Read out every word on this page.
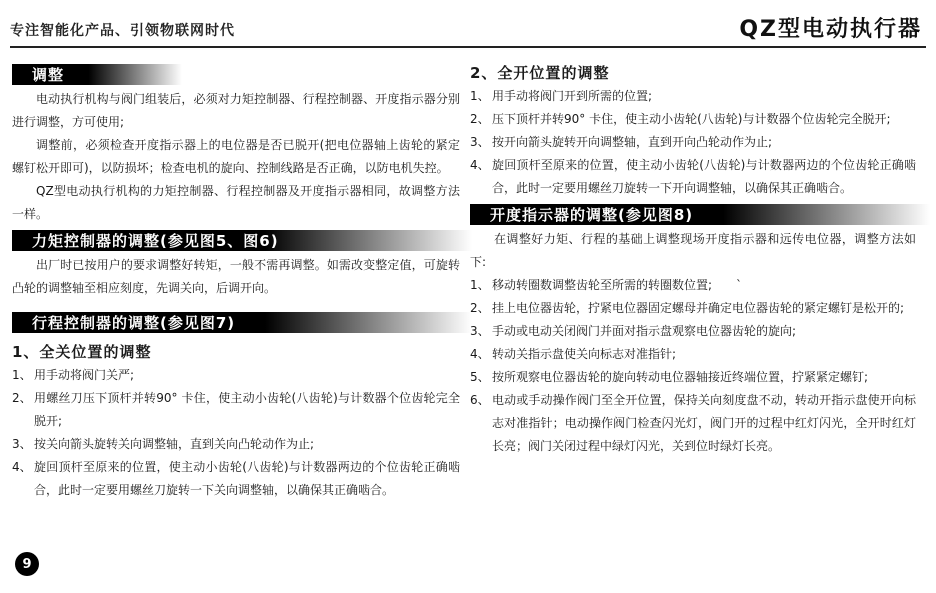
专注智能化产品、引领物联网时代	QZ型电动执行器
调整

电动执行机构与阀门组装后，必须对力矩控制器、行程控制器、开度指示器分别进行调整，方可使用;

调整前，必须检查开度指示器上的电位器是否已脱开(把电位器轴上齿轮的紧定螺钉松开即可)，以防损坏；检查电机的旋向、控制线路是否正确，以防电机失控。

QZ型电动执行机构的力矩控制器、行程控制器及开度指示器相同，故调整方法一样。

力矩控制器的调整(参见图5、图6)

出厂时已按用户的要求调整好转矩，一般不需再调整。如需改变整定值，可旋转凸轮的调整轴至相应刻度，先调关向，后调开向。

行程控制器的调整(参见图7)
1、全关位置的调整
1、 用手动将阀门关严;
2、 用螺丝刀压下顶杆并转90° 卡住，使主动小齿轮(八齿轮)与计数器个位齿轮完全脱开;
3、 按关向箭头旋转关向调整轴，直到关向凸轮动作为止;
4、 旋回顶杆至原来的位置，使主动小齿轮(八齿轮)与计数器两边的个位齿轮正确啮合，此时一定要用螺丝刀旋转一下关向调整轴，以确保其正确啮合。
2、全开位置的调整
1、 用手动将阀门开到所需的位置;
2、 压下顶杆并转90° 卡住，使主动小齿轮(八齿轮)与计数器个位齿轮完全脱开;
3、 按开向箭头旋转开向调整轴，直到开向凸轮动作为止;
4、 旋回顶杆至原来的位置，使主动小齿轮(八齿轮)与计数器两边的个位齿轮正确啮合，此时一定要用螺丝刀旋转一下开向调整轴，以确保其正确啮合。
开度指示器的调整(参见图8)

在调整好力矩、行程的基础上调整现场开度指示器和远传电位器，调整方法如下:

1、 移动转圈数调整齿轮至所需的转圈数位置;　　`
2、 挂上电位器齿轮，拧紧电位器固定螺母并确定电位器齿轮的紧定螺钉是松开的;
3、 手动或电动关闭阀门并面对指示盘观察电位器齿轮的旋向;
4、 转动关指示盘使关向标志对准指针;
5、 按所观察电位器齿轮的旋向转动电位器轴接近终端位置，拧紧紧定螺钉;
6、 电动或手动操作阀门至全开位置，保持关向刻度盘不动，转动开指示盘使开向标志对准指针；电动操作阀门检查闪光灯，阀门开的过程中红灯闪光，全开时红灯长亮；阀门关闭过程中绿灯闪光，关到位时绿灯长亮。
9
